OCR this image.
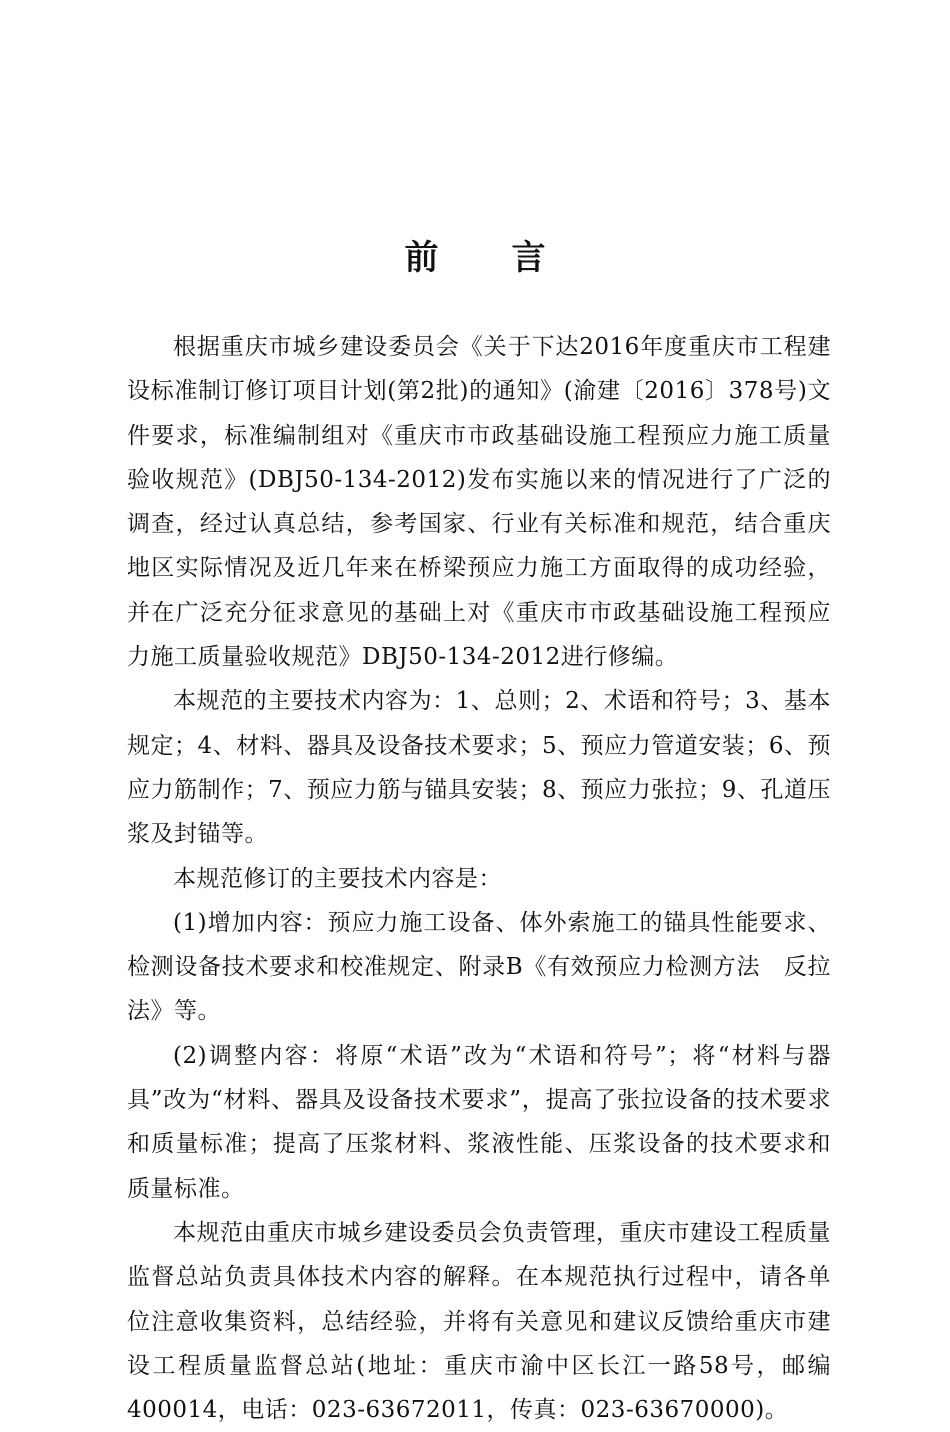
前 言

根据重庆市城乡建设委员会《关于下达2016年度重庆市工程建设标准制订修订项目计划(第2批)的通知》(渝建〔2016〕378号)文件要求，标准编制组对《重庆市市政基础设施工程预应力施工质量验收规范》(DBJ50-134-2012)发布实施以来的情况进行了广泛的调查，经过认真总结，参考国家、行业有关标准和规范，结合重庆地区实际情况及近几年来在桥梁预应力施工方面取得的成功经验，并在广泛充分征求意见的基础上对《重庆市市政基础设施工程预应力施工质量验收规范》DBJ50-134-2012进行修编。

本规范的主要技术内容为：1、总则；2、术语和符号；3、基本规定；4、材料、器具及设备技术要求；5、预应力管道安装；6、预应力筋制作；7、预应力筋与锚具安装；8、预应力张拉；9、孔道压浆及封锚等。

本规范修订的主要技术内容是：

(1)增加内容：预应力施工设备、体外索施工的锚具性能要求、检测设备技术要求和校准规定、附录B《有效预应力检测方法　反拉法》等。

(2)调整内容：将原“术语”改为“术语和符号”；将“材料与器具”改为“材料、器具及设备技术要求”，提高了张拉设备的技术要求和质量标准；提高了压浆材料、浆液性能、压浆设备的技术要求和质量标准。

本规范由重庆市城乡建设委员会负责管理，重庆市建设工程质量监督总站负责具体技术内容的解释。在本规范执行过程中，请各单位注意收集资料，总结经验，并将有关意见和建议反馈给重庆市建设工程质量监督总站(地址：重庆市渝中区长江一路58号，邮编400014，电话：023-63672011，传真：023-63670000)。
